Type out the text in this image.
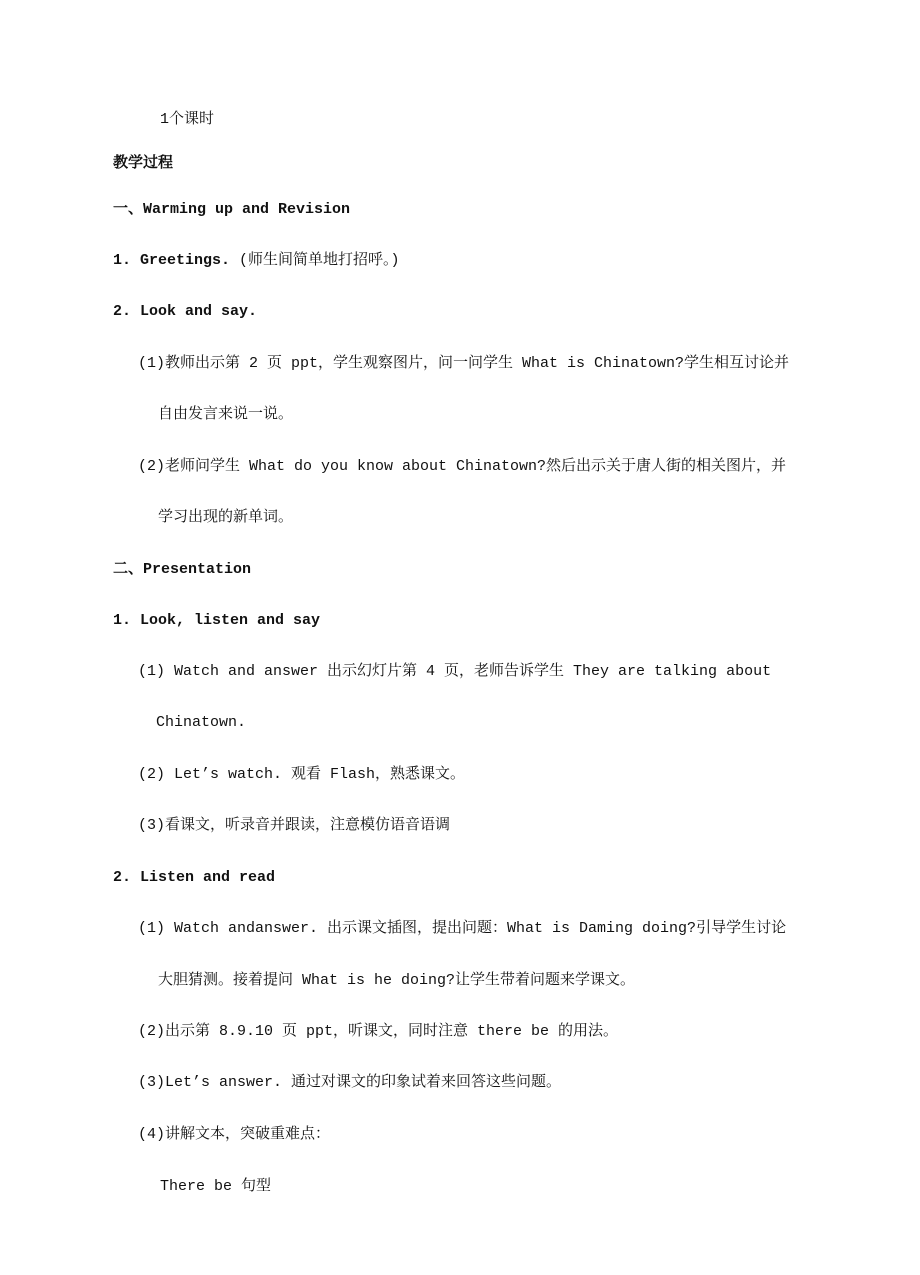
1个课时
教学过程
一、Warming up and Revision
1. Greetings. (师生间简单地打招呼。)
2. Look and say.
(1)教师出示第 2 页 ppt，学生观察图片，问一问学生 What is Chinatown?学生相互讨论并
自由发言来说一说。
(2)老师问学生 What do you know about Chinatown?然后出示关于唐人街的相关图片，并
学习出现的新单词。
二、Presentation
1. Look, listen and say
(1) Watch and answer 出示幻灯片第 4 页，老师告诉学生 They are talking about
Chinatown.
(2) Let’s watch. 观看 Flash，熟悉课文。
(3)看课文，听录音并跟读，注意模仿语音语调
2. Listen and read
(1) Watch andanswer. 出示课文插图，提出问题：What is Daming doing?引导学生讨论
大胆猜测。接着提问 What is he doing?让学生带着问题来学课文。
(2)出示第 8.9.10 页 ppt，听课文，同时注意 there be 的用法。
(3)Let’s answer. 通过对课文的印象试着来回答这些问题。
(4)讲解文本，突破重难点：
There be 句型
